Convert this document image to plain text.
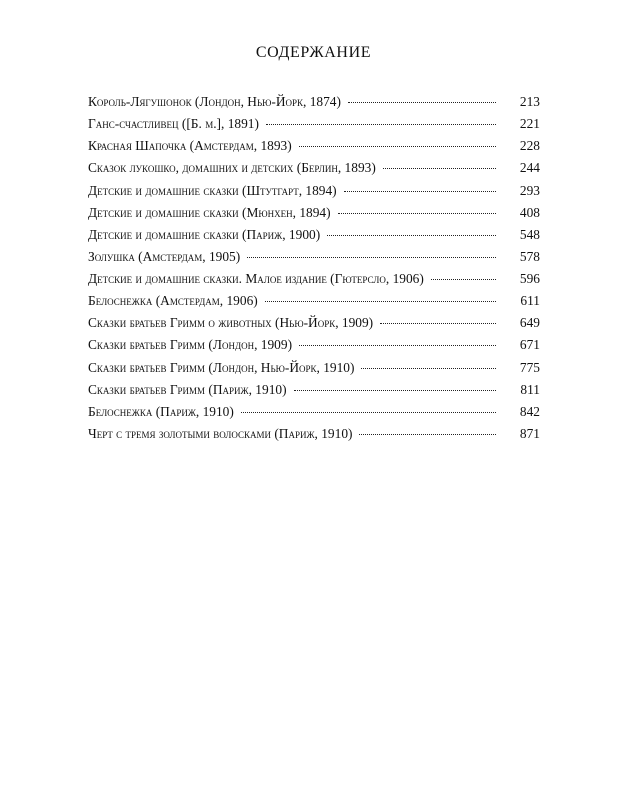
СОДЕРЖАНИЕ
Король-Лягушонок (Лондон, Нью-Йорк, 1874)	213
Ганс-счастливец ([Б. м.], 1891)	221
Красная Шапочка (Амстердам, 1893)	228
Сказок лукошко, домашних и детских (Берлин, 1893)	244
Детские и домашние сказки (Штутгарт, 1894)	293
Детские и домашние сказки (Мюнхен, 1894)	408
Детские и домашние сказки (Париж, 1900)	548
Золушка (Амстердам, 1905)	578
Детские и домашние сказки. Малое издание (Гютерсло, 1906)	596
Белоснежка (Амстердам, 1906)	611
Сказки братьев Гримм о животных (Нью-Йорк, 1909)	649
Сказки братьев Гримм (Лондон, 1909)	671
Сказки братьев Гримм (Лондон, Нью-Йорк, 1910)	775
Сказки братьев Гримм (Париж, 1910)	811
Белоснежка (Париж, 1910)	842
Черт с тремя золотыми волосками (Париж, 1910)	871
